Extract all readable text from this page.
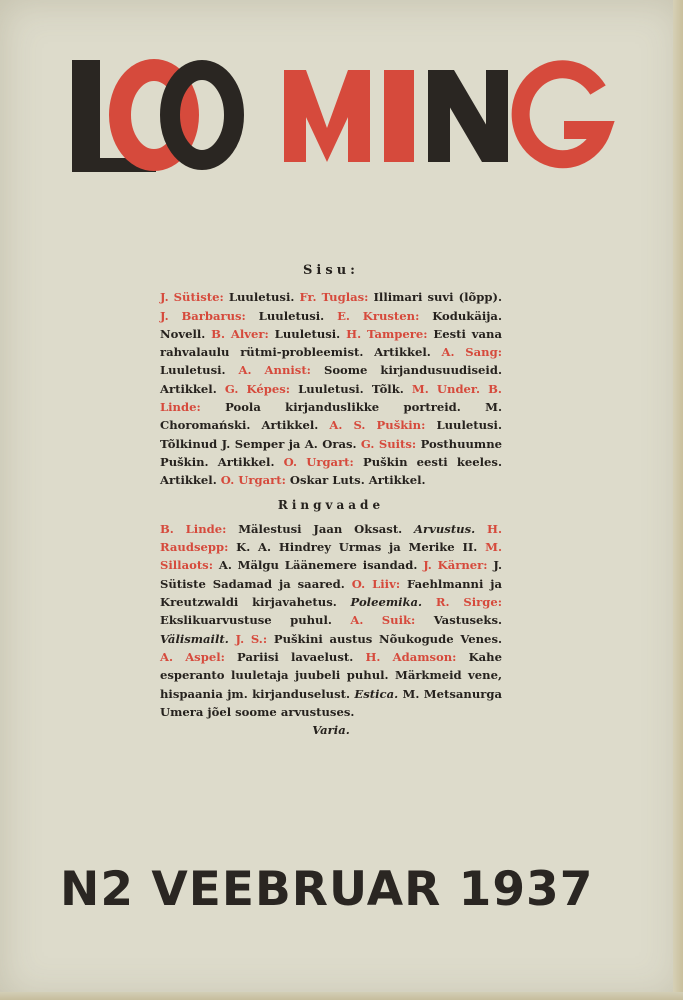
Sisu:

J. Sütiste: Luuletusi. Fr. Tuglas: Illimari suvi (lõpp). J. Barbarus: Luuletusi. E. Krusten: Kodukäija. Novell. B. Alver: Luuletusi. H. Tampere: Eesti vana rahvalaulu rütmi-probleemist. Artikkel. A. Sang: Luuletusi. A. Annist: Soome kirjandusuudiseid. Artikkel. G. Képes: Luuletusi. Tõlk. M. Under. B. Linde: Poola kirjanduslikke portreid. M. Choromański. Artikkel. A. S. Puškin: Luuletusi. Tõlkinud J. Semper ja A. Oras. G. Suits: Posthuumne Puškin. Artikkel. O. Urgart: Puškin eesti keeles. Artikkel. O. Urgart: Oskar Luts. Artikkel.

Ringvaade

B. Linde: Mälestusi Jaan Oksast. Arvustus. H. Raudsepp: K. A. Hindrey Urmas ja Merike II. M. Sillaots: A. Mälgu Läänemere isandad. J. Kärner: J. Sütiste Sadamad ja saared. O. Liiv: Faehlmanni ja Kreutzwaldi kirjavahetus. Poleemika. R. Sirge: Ekslikuarvustuse puhul. A. Suik: Vastuseks. Välismailt. J. S.: Puškini austus Nõukogude Venes. A. Aspel: Pariisi lavaelust. H. Adamson: Kahe esperanto luuletaja juubeli puhul. Märkmeid vene, hispaania jm. kirjanduselust. Estica. M. Metsanurga Umera jõel soome arvustuses.

Varia.
N2 VEEBRUAR 1937
